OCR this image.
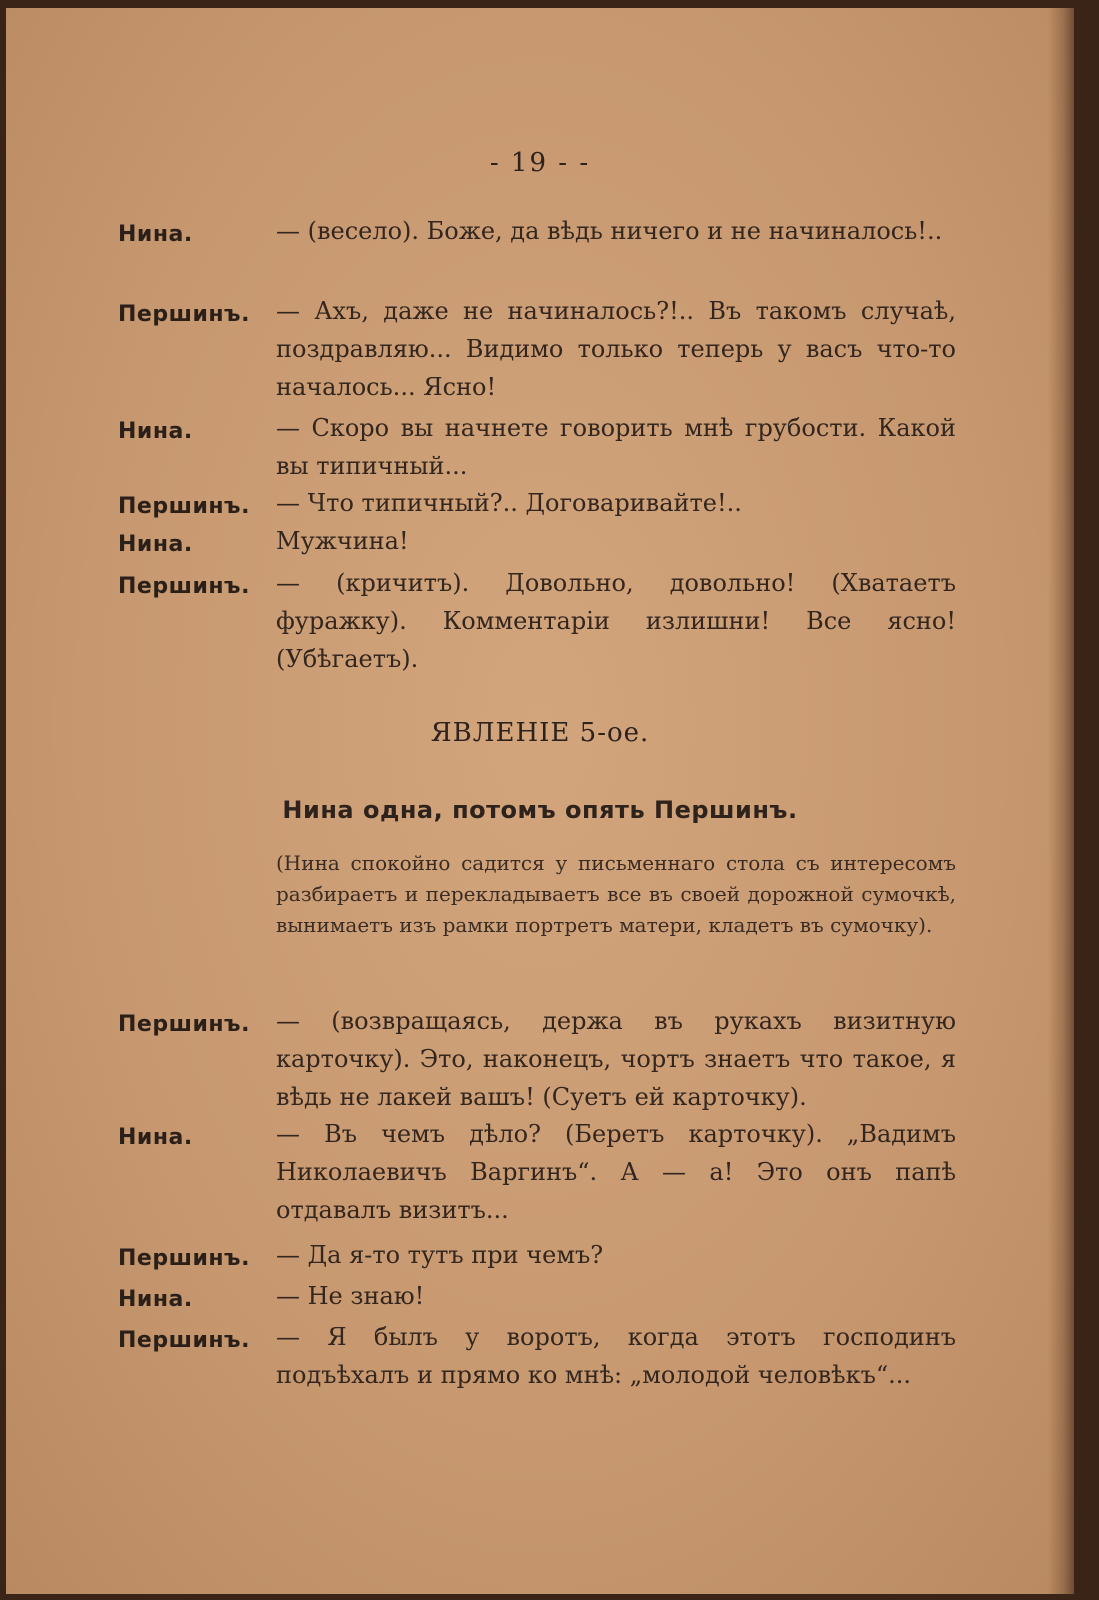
- 19 - -
Нина.	— (весело). Боже, да вѣдь ничего и не начиналось!..
Першинъ. — Ахъ, даже не начиналось?!.. Въ такомъ случаѣ, поздравляю... Видимо только теперь у васъ что-то началось... Ясно!
Нина.	— Скоро вы начнете говорить мнѣ грубости. Какой вы типичный...
Першинъ. — Что типичный?.. Договаривайте!..
Нина.	Мужчина!
Першинъ. — (кричитъ). Довольно, довольно! (Хватаетъ фуражку). Комментаріи излишни! Все ясно! (Убѣгаетъ).
ЯВЛЕНІЕ 5-ое.
Нина одна, потомъ опять Першинъ.
(Нина спокойно садится у письменнаго стола съ интересомъ разбираетъ и перекладываетъ все въ своей дорожной сумочкѣ, вынимаетъ изъ рамки портретъ матери, кладетъ въ сумочку).
Першинъ. — (возвращаясь, держа въ рукахъ визитную карточку). Это, наконецъ, чортъ знаетъ что такое, я вѣдь не лакей вашъ! (Суетъ ей карточку).
Нина.	— Въ чемъ дѣло? (Беретъ карточку). „Вадимъ Николаевичъ Варгинъ“. А — а! Это онъ папѣ отдавалъ визитъ...
Першинъ. — Да я-то тутъ при чемъ?
Нина.	— Не знаю!
Першинъ. — Я былъ у воротъ, когда этотъ господинъ подъѣхалъ и прямо ко мнѣ: „молодой человѣкъ“...
